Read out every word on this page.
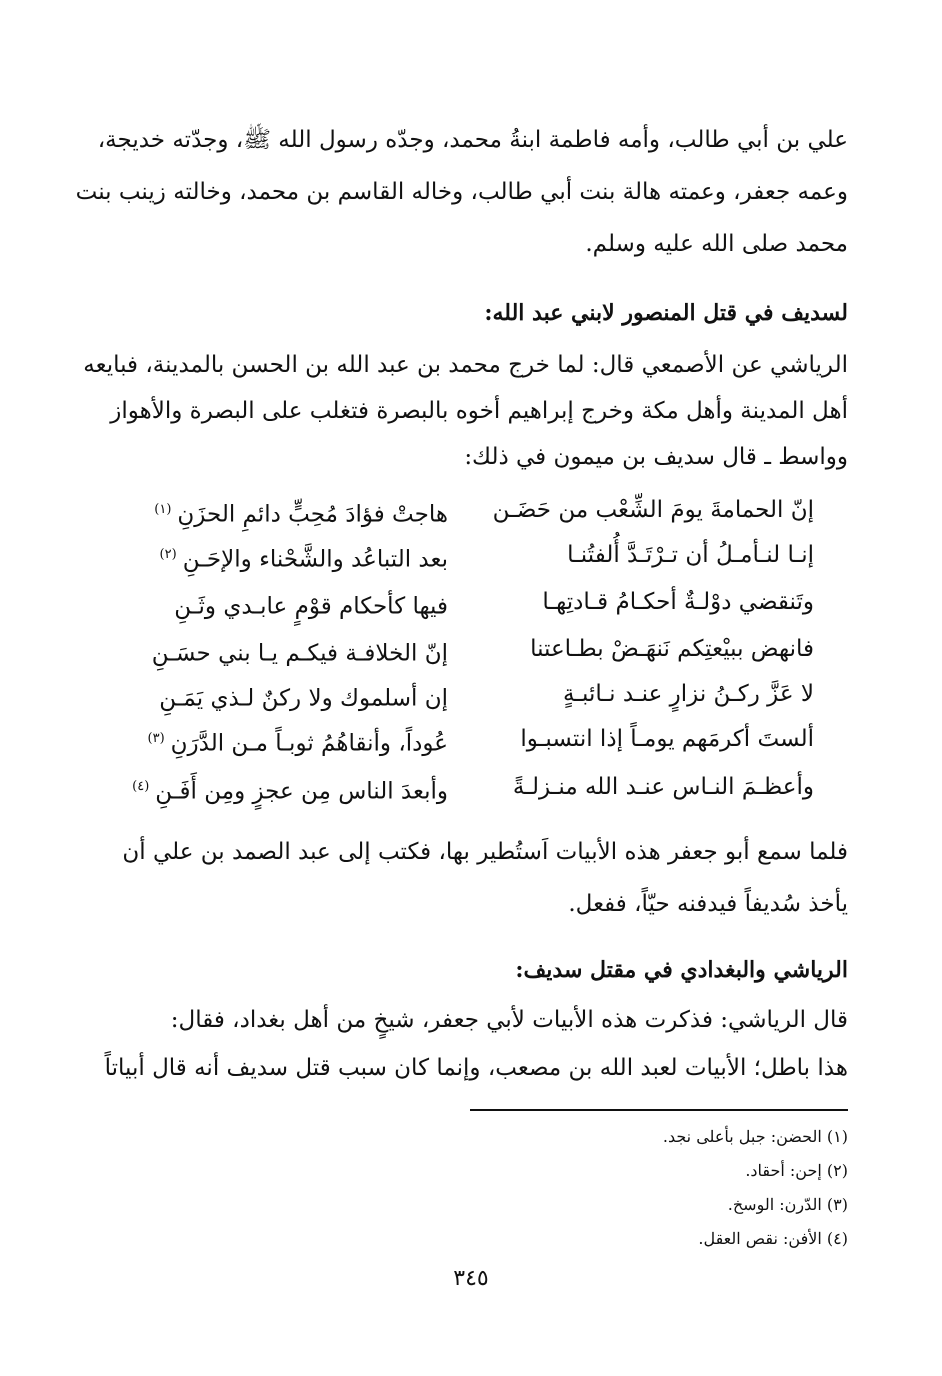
علي بن أبي طالب، وأمه فاطمة ابنةُ محمد، وجدّه رسول الله ﷺ، وجدّته خديجة،
وعمه جعفر، وعمته هالة بنت أبي طالب، وخاله القاسم بن محمد، وخالته زينب بنت
محمد صلى الله عليه وسلم.
لسديف في قتل المنصور لابني عبد الله:
الرياشي عن الأصمعي قال: لما خرج محمد بن عبد الله بن الحسن بالمدينة، فبايعه
أهل المدينة وأهل مكة وخرج إبراهيم أخوه بالبصرة فتغلب على البصرة والأهواز
وواسط ـ قال سديف بن ميمون في ذلك:
إنّ الحمامةَ يومَ الشِّعْب من حَضَـن
هاجتْ فؤادَ مُحِبٍّ دائمِ الحزَنِ$^{(١)}$
إنـا لنـأمـلُ أن تـرْتَـدَّ أُلفتُنـا
بعد التباعُد والشَّحْناء والإحَـنِ$^{(٢)}$
وتَنقضي دوْلـةٌ أحكـامُ قـادتِهـا
فيها كأحكام قوْمٍ عابـدي وثَـنِ
فانهض ببيْعتِكم نَنهَـضْ بطـاعتنا
إنّ الخلافـة فيكـم يـا بني حسَـنِ
لا عَزَّ ركـنُ نزارٍ عنـد نـائبـةٍ
إن أسلموك ولا ركنٌ لـذي يَمَـنِ
ألستَ أكرمَهم يومـاً إذا انتسبـوا
عُوداً، وأنقاهُمُ ثوبـاً مـن الدَّرَنِ$^{(٣)}$
وأعظـمَ النـاس عنـد الله منـزلـةً
وأبعدَ الناس مِن عجزٍ ومِن أَفَـنِ$^{(٤)}$
فلما سمع أبو جعفر هذه الأبيات اَستُطير بها، فكتب إلى عبد الصمد بن علي أن
يأخذ سُديفاً فيدفنه حيّاً، ففعل.
الرياشي والبغدادي في مقتل سديف:
قال الرياشي: فذكرت هذه الأبيات لأبي جعفر، شيخٍ من أهل بغداد، فقال:
هذا باطل؛ الأبيات لعبد الله بن مصعب، وإنما كان سبب قتل سديف أنه قال أبياتاً
(١) الحضن: جبل بأعلى نجد.
(٢) إحن: أحقاد.
(٣) الدّرن: الوسخ.
(٤) الأفن: نقص العقل.
٣٤٥
